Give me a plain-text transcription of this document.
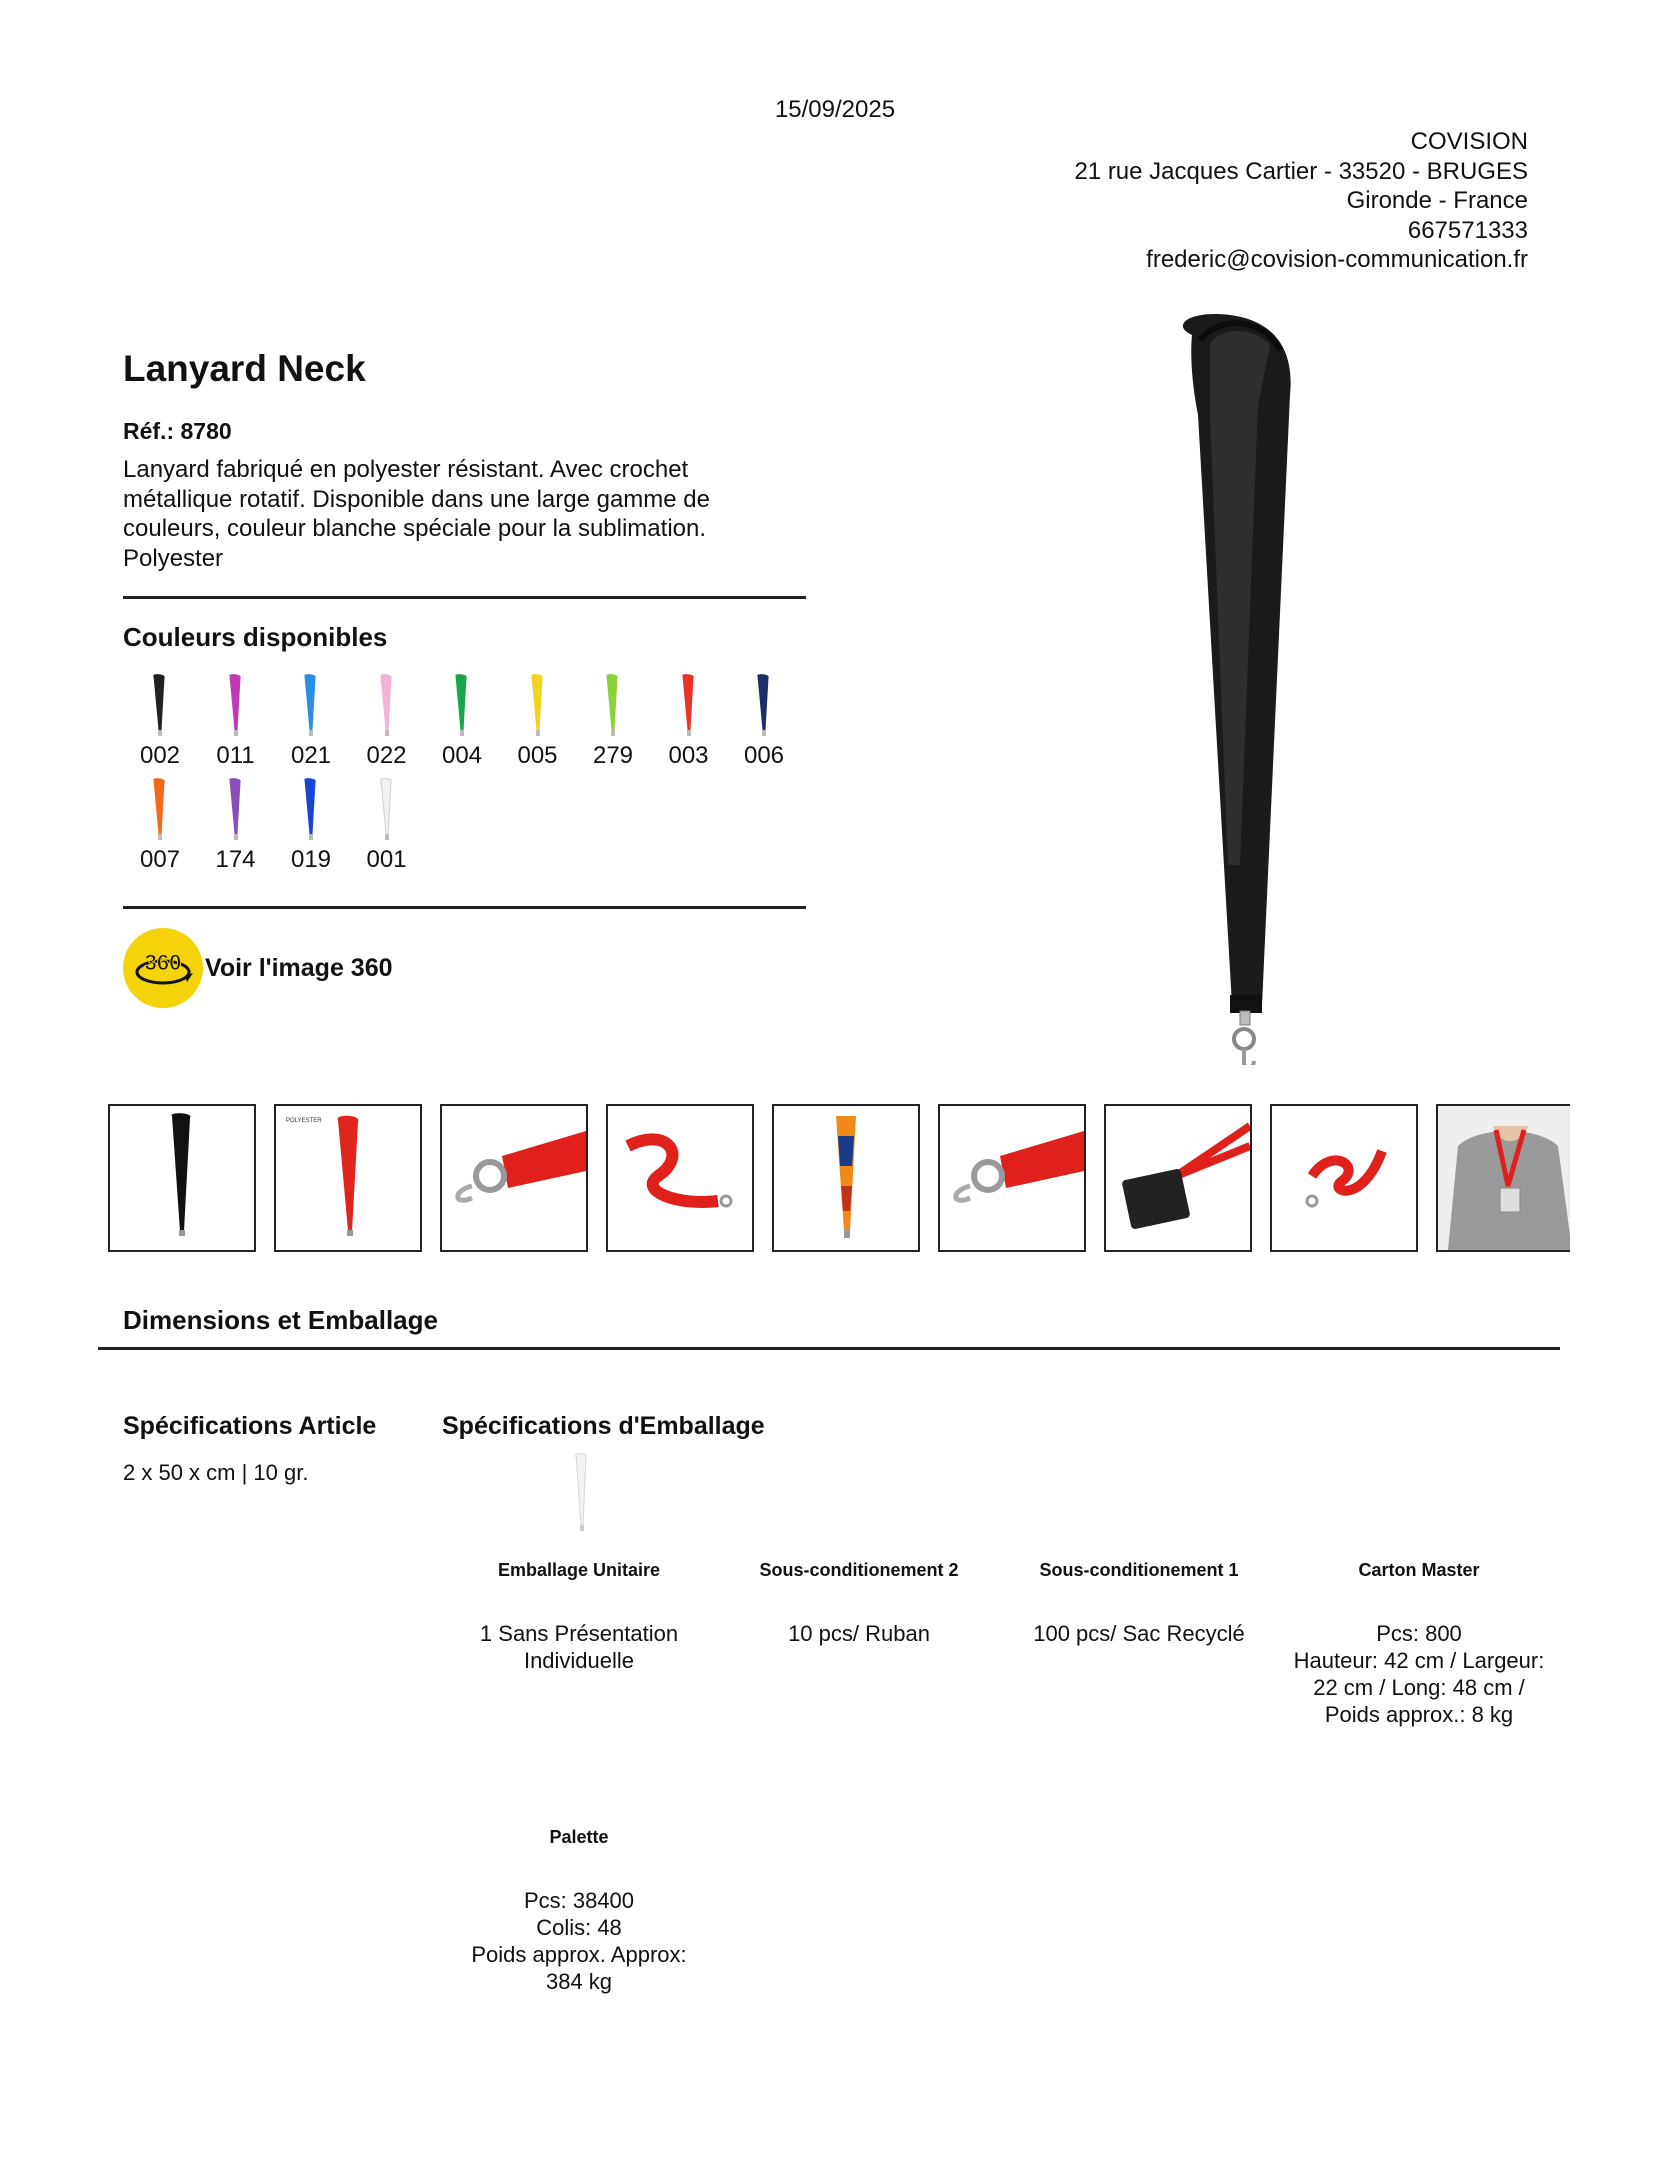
15/09/2025
COVISION
21 rue Jacques Cartier - 33520 - BRUGES
Gironde - France
667571333
frederic@covision-communication.fr
Lanyard Neck
Réf.: 8780
Lanyard fabriqué en polyester résistant. Avec crochet métallique rotatif. Disponible dans une large gamme de couleurs, couleur blanche spéciale pour la sublimation. Polyester
Couleurs disponibles
002	011	021	022	004	005	279	003	006
007	174	019	001
360 Voir l'image 360
POLYESTER
Dimensions et Emballage
Spécifications Article
2 x 50 x cm | 10 gr.
Spécifications d'Emballage
Emballage Unitaire
1 Sans Présentation
Individuelle
Sous-conditionement 2
10 pcs/ Ruban
Sous-conditionement 1
100 pcs/ Sac Recyclé
Carton Master
Pcs: 800
Hauteur: 42 cm / Largeur:
22 cm / Long: 48 cm /
Poids approx.: 8 kg
Palette
Pcs: 38400
Colis: 48
Poids approx. Approx:
384 kg
